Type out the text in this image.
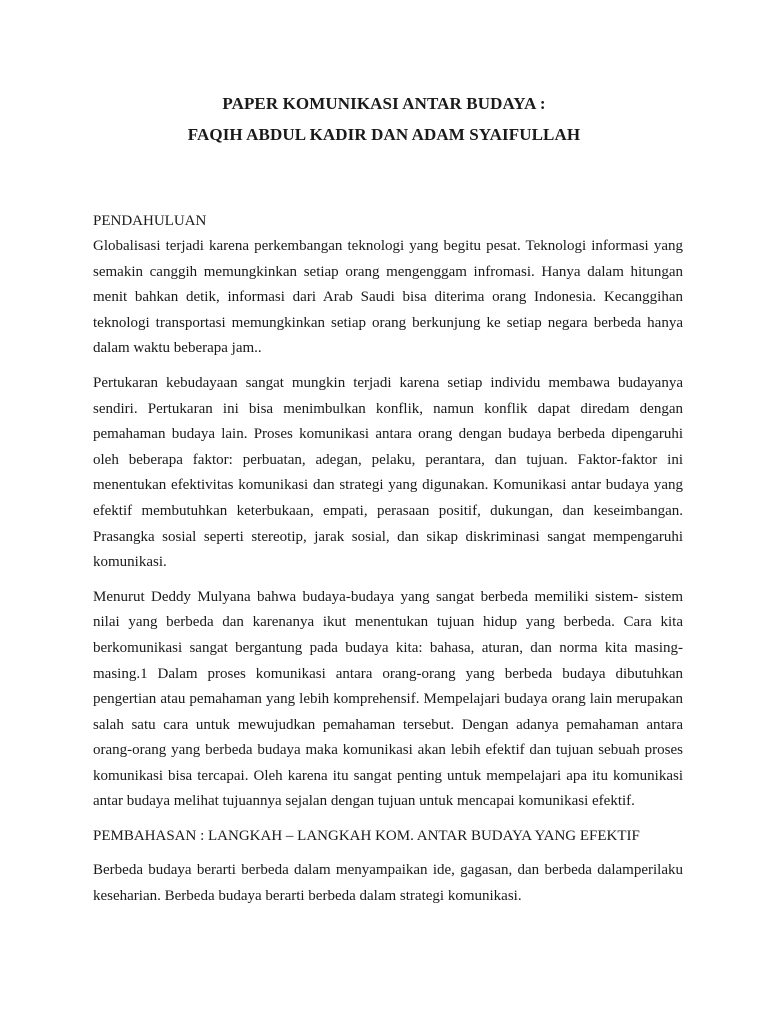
PAPER KOMUNIKASI ANTAR BUDAYA :

FAQIH ABDUL KADIR DAN ADAM SYAIFULLAH

PENDAHULUAN

Globalisasi terjadi karena perkembangan teknologi yang begitu pesat. Teknologi informasi yang semakin canggih memungkinkan setiap orang mengenggam infromasi. Hanya dalam hitungan menit bahkan detik, informasi dari Arab Saudi bisa diterima orang Indonesia. Kecanggihan teknologi transportasi memungkinkan setiap orang berkunjung ke setiap negara berbeda hanya dalam waktu beberapa jam..

Pertukaran kebudayaan sangat mungkin terjadi karena setiap individu membawa budayanya sendiri. Pertukaran ini bisa menimbulkan konflik, namun konflik dapat diredam dengan pemahaman budaya lain. Proses komunikasi antara orang dengan budaya berbeda dipengaruhi oleh beberapa faktor: perbuatan, adegan, pelaku, perantara, dan tujuan. Faktor-faktor ini menentukan efektivitas komunikasi dan strategi yang digunakan. Komunikasi antar budaya yang efektif membutuhkan keterbukaan, empati, perasaan positif, dukungan, dan keseimbangan. Prasangka sosial seperti stereotip, jarak sosial, dan sikap diskriminasi sangat mempengaruhi komunikasi.

Menurut Deddy Mulyana bahwa budaya-budaya yang sangat berbeda memiliki sistem- sistem nilai yang berbeda dan karenanya ikut menentukan tujuan hidup yang berbeda. Cara kita berkomunikasi sangat bergantung pada budaya kita: bahasa, aturan, dan norma kita masing-masing.1 Dalam proses komunikasi antara orang-orang yang berbeda budaya dibutuhkan pengertian atau pemahaman yang lebih komprehensif. Mempelajari budaya orang lain merupakan salah satu cara untuk mewujudkan pemahaman tersebut. Dengan adanya pemahaman antara orang-orang yang berbeda budaya maka komunikasi akan lebih efektif dan tujuan sebuah proses komunikasi bisa tercapai. Oleh karena itu sangat penting untuk mempelajari apa itu komunikasi antar budaya melihat tujuannya sejalan dengan tujuan untuk mencapai komunikasi efektif.

PEMBAHASAN : LANGKAH – LANGKAH KOM. ANTAR BUDAYA YANG EFEKTIF

Berbeda budaya berarti berbeda dalam menyampaikan ide, gagasan, dan berbeda dalamperilaku keseharian. Berbeda budaya berarti berbeda dalam strategi komunikasi.
